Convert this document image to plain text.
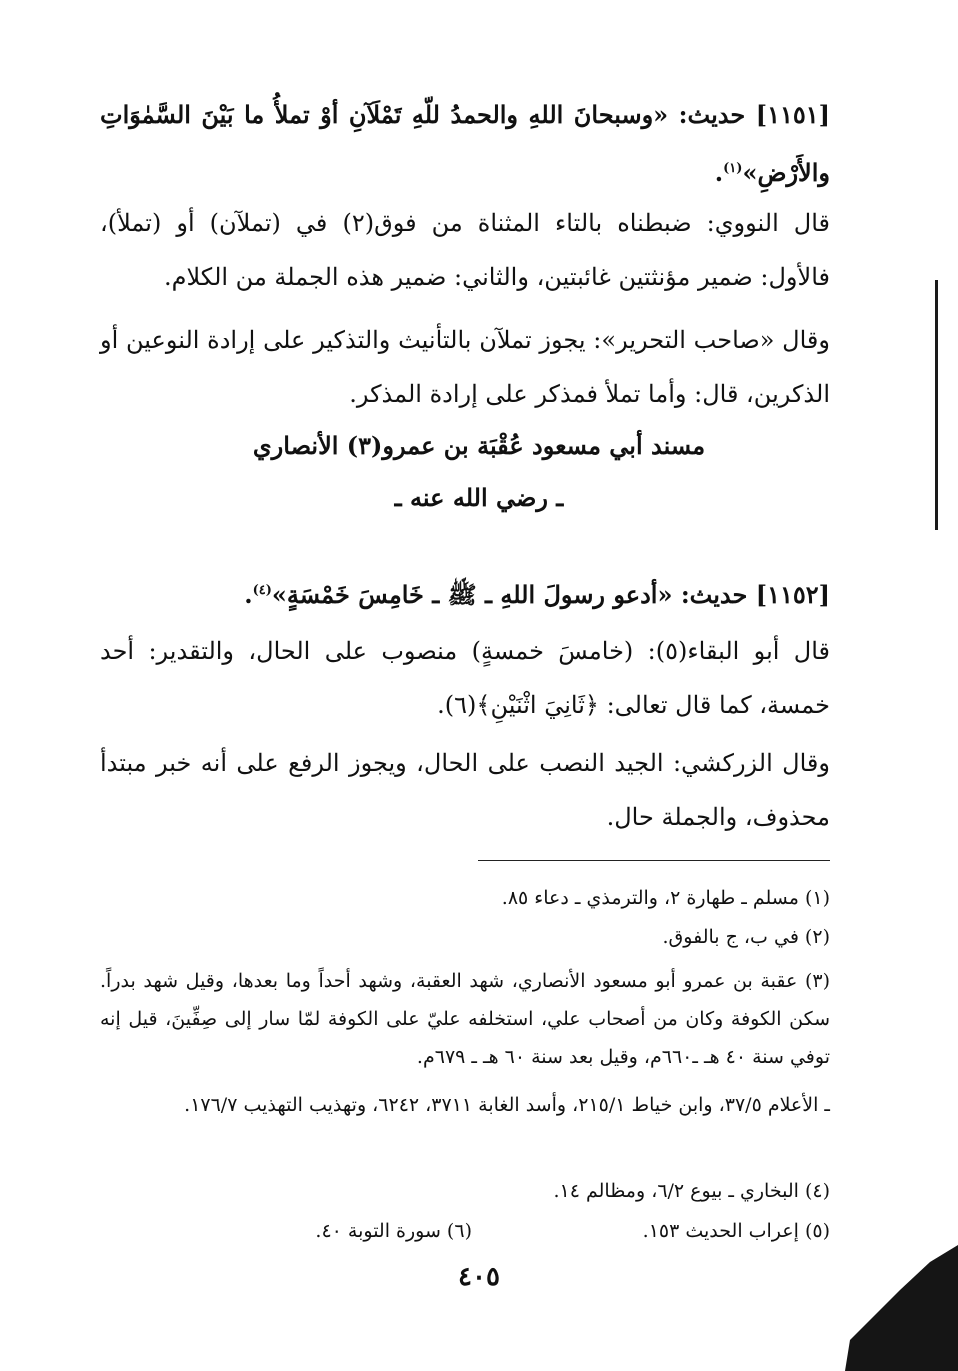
[١١٥١] حديث: «وسبحانَ اللهِ والحمدُ للّهِ تَمْلَآنِ أوْ تملأُ ما بَيْنَ السَّمٰوَاتِ والأَرْضِ»$^{(١)}$.
قال النووي: ضبطناه بالتاء المثناة من فوق(٢) في (تملآن) أو (تملأ)، فالأول: ضمير مؤنثتين غائبتين، والثاني: ضمير هذه الجملة من الكلام.
وقال «صاحب التحرير»: يجوز تملآن بالتأنيث والتذكير على إرادة النوعين أو الذكرين، قال: وأما تملأ فمذكر على إرادة المذكر.
مسند أبي مسعود عُقْبَة بن عمرو(٣) الأنصاري
ـ رضي الله عنه ـ
[١١٥٢] حديث: «أدعو رسولَ اللهِ ـ ﷺ ـ خَامِسَ خَمْسَةٍ»$^{(٤)}$.
قال أبو البقاء(٥): (خامسَ خمسةٍ) منصوب على الحال، والتقدير: أحد خمسة، كما قال تعالى: ﴿ثَانِيَ اثْنَيْنِ﴾(٦).
وقال الزركشي: الجيد النصب على الحال، ويجوز الرفع على أنه خبر مبتدأ محذوف، والجملة حال.
(١) مسلم ـ طهارة ٢، والترمذي ـ دعاء ٨٥.
(٢) في ب، ج بالفوق.
(٣) عقبة بن عمرو أبو مسعود الأنصاري، شهد العقبة، وشهد أحداً وما بعدها، وقيل شهد بدراً. سكن الكوفة وكان من أصحاب علي، استخلفه عليّ على الكوفة لمّا سار إلى صِفِّينَ، قيل إنه توفي سنة ٤٠ هـ ـ٦٦٠م، وقيل بعد سنة ٦٠ هـ ـ ٦٧٩م.
ـ الأعلام ٣٧/٥، وابن خياط ٢١٥/١، وأسد الغابة ٣٧١١، ٦٢٤٢، وتهذيب التهذيب ١٧٦/٧.
(٤) البخاري ـ بيوع ٦/٢، ومظالم ١٤.
(٥) إعراب الحديث ١٥٣.
(٦) سورة التوبة ٤٠.
٤٠٥
